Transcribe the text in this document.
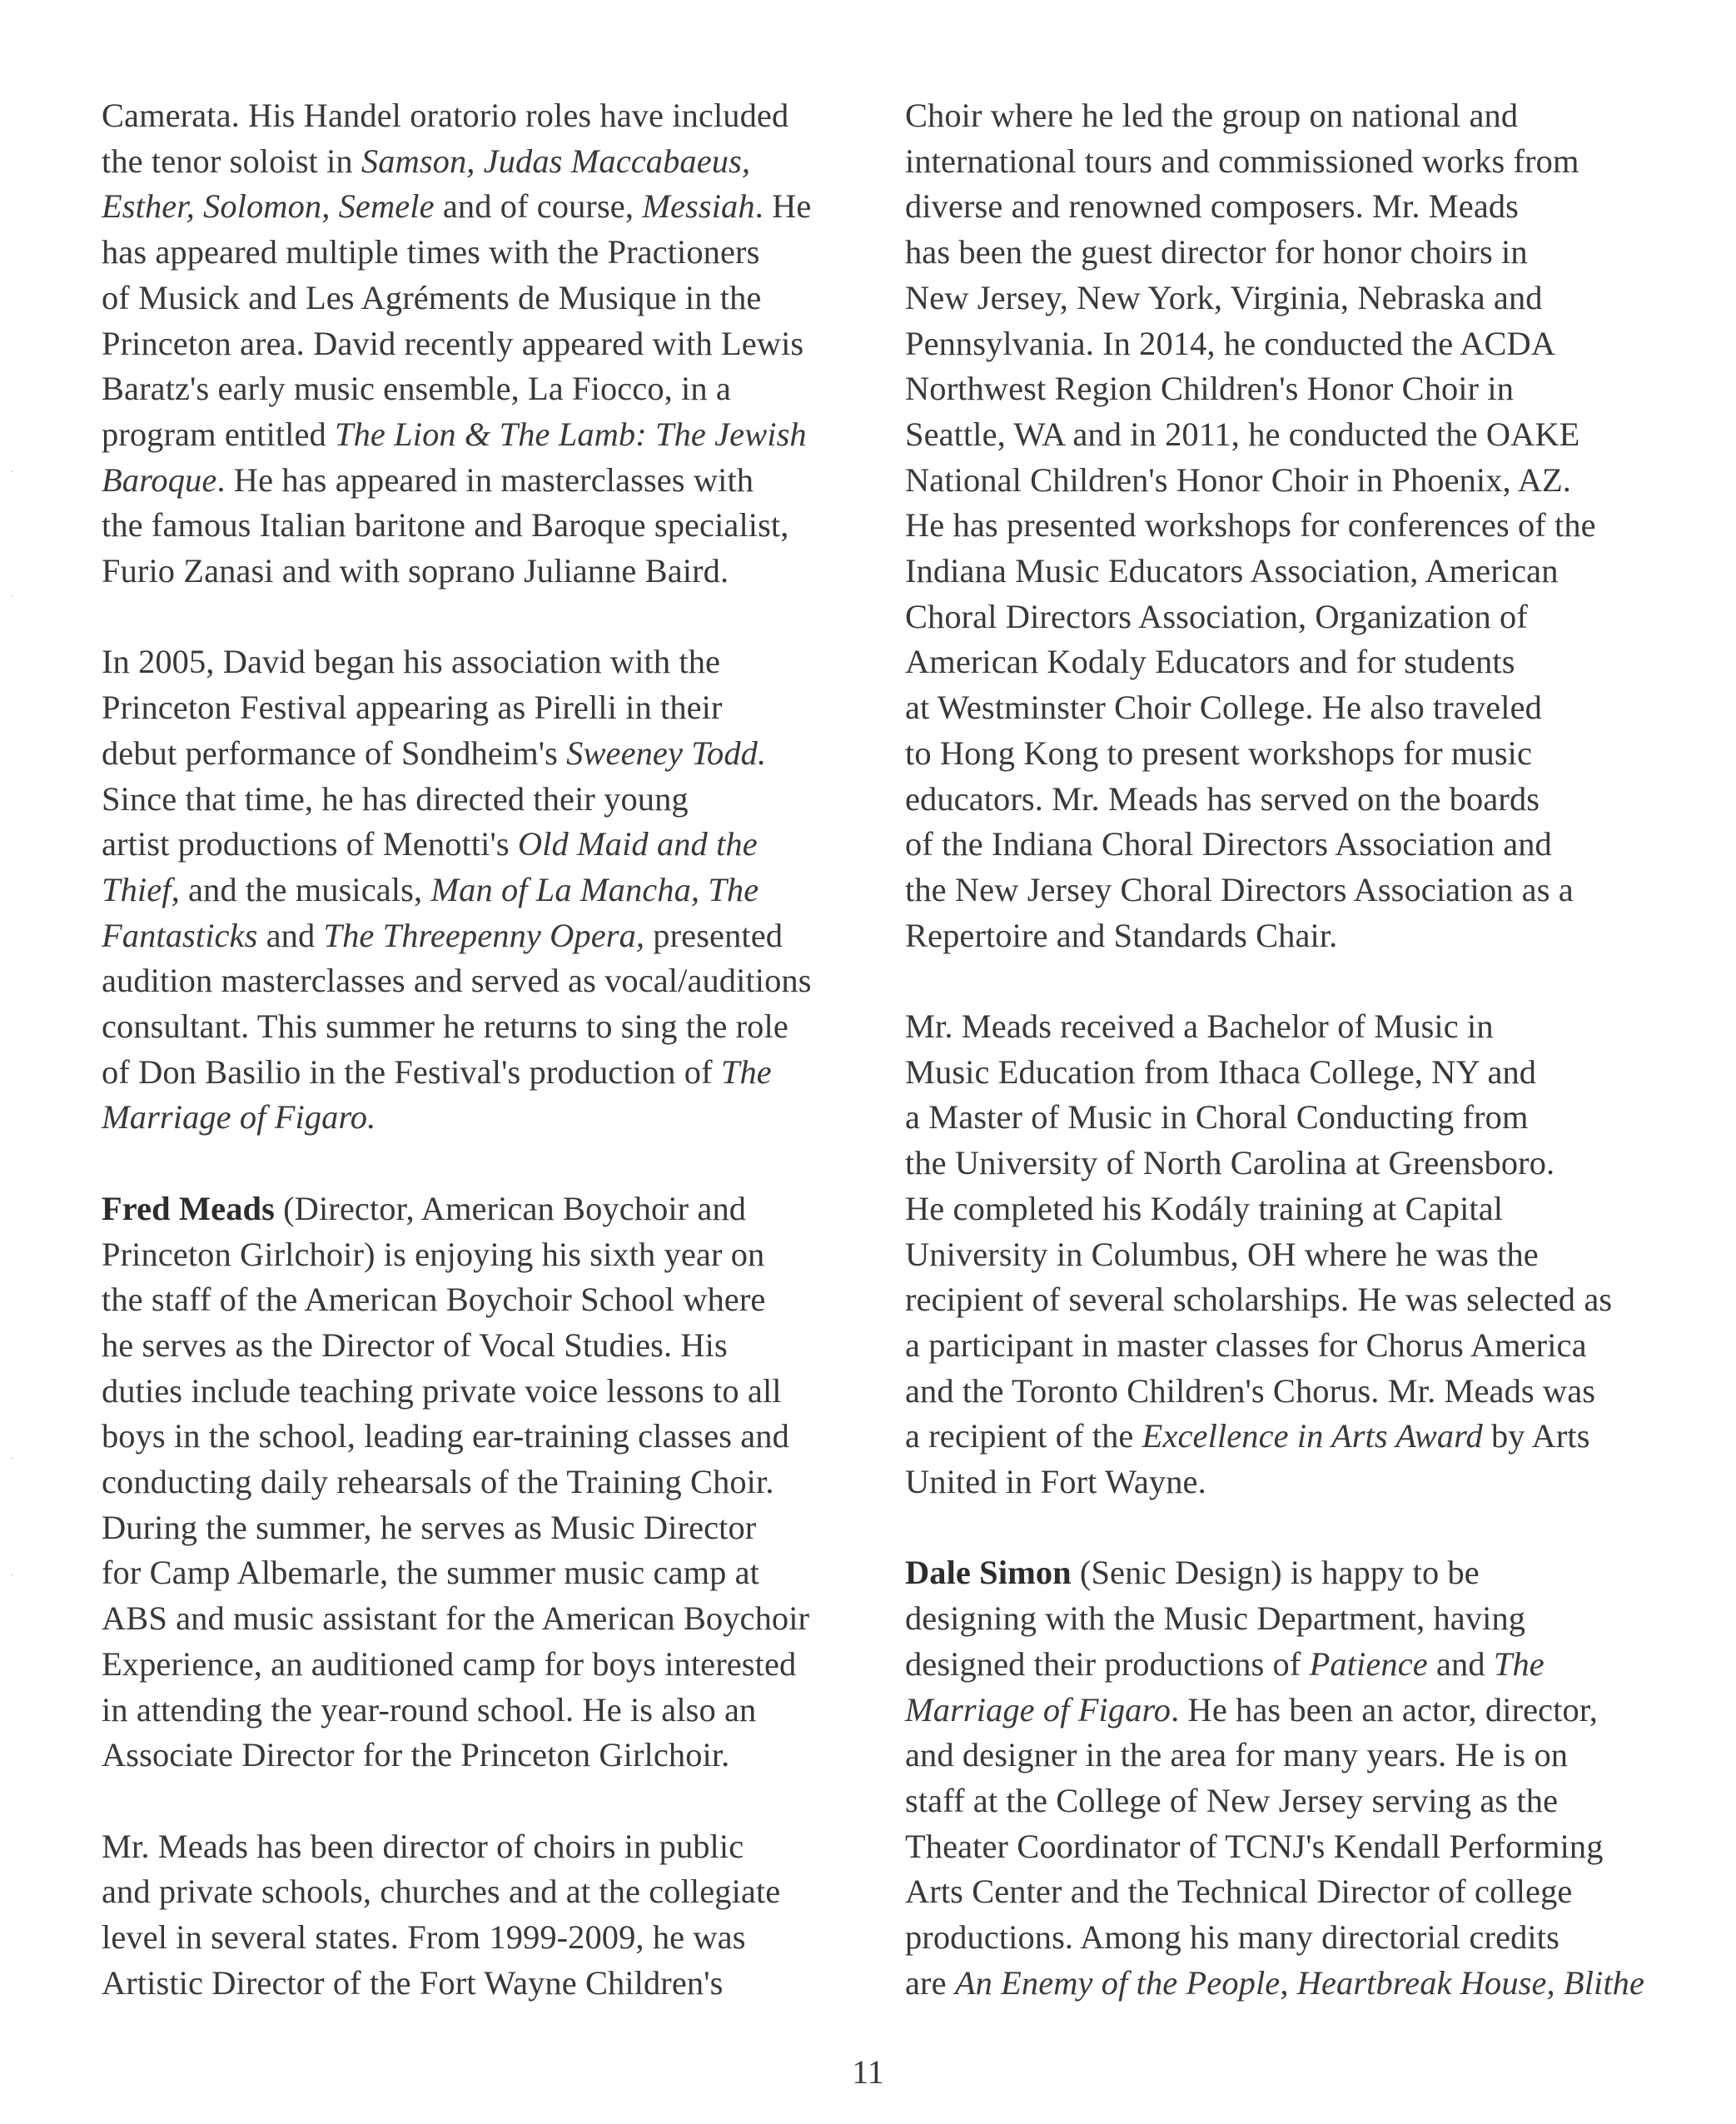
Camerata. His Handel oratorio roles have included
the tenor soloist in Samson, Judas Maccabaeus,
Esther, Solomon, Semele and of course, Messiah. He
has appeared multiple times with the Practioners
of Musick and Les Agréments de Musique in the
Princeton area. David recently appeared with Lewis
Baratz's early music ensemble, La Fiocco, in a
program entitled The Lion & The Lamb: The Jewish
Baroque. He has appeared in masterclasses with
the famous Italian baritone and Baroque specialist,
Furio Zanasi and with soprano Julianne Baird.

In 2005, David began his association with the
Princeton Festival appearing as Pirelli in their
debut performance of Sondheim's Sweeney Todd.
Since that time, he has directed their young
artist productions of Menotti's Old Maid and the
Thief, and the musicals, Man of La Mancha, The
Fantasticks and The Threepenny Opera, presented
audition masterclasses and served as vocal/auditions
consultant. This summer he returns to sing the role
of Don Basilio in the Festival's production of The
Marriage of Figaro.

Fred Meads (Director, American Boychoir and
Princeton Girlchoir) is enjoying his sixth year on
the staff of the American Boychoir School where
he serves as the Director of Vocal Studies. His
duties include teaching private voice lessons to all
boys in the school, leading ear-training classes and
conducting daily rehearsals of the Training Choir.
During the summer, he serves as Music Director
for Camp Albemarle, the summer music camp at
ABS and music assistant for the American Boychoir
Experience, an auditioned camp for boys interested
in attending the year-round school. He is also an
Associate Director for the Princeton Girlchoir.

Mr. Meads has been director of choirs in public
and private schools, churches and at the collegiate
level in several states. From 1999-2009, he was
Artistic Director of the Fort Wayne Children's

Choir where he led the group on national and
international tours and commissioned works from
diverse and renowned composers. Mr. Meads
has been the guest director for honor choirs in
New Jersey, New York, Virginia, Nebraska and
Pennsylvania. In 2014, he conducted the ACDA
Northwest Region Children's Honor Choir in
Seattle, WA and in 2011, he conducted the OAKE
National Children's Honor Choir in Phoenix, AZ.
He has presented workshops for conferences of the
Indiana Music Educators Association, American
Choral Directors Association, Organization of
American Kodaly Educators and for students
at Westminster Choir College. He also traveled
to Hong Kong to present workshops for music
educators. Mr. Meads has served on the boards
of the Indiana Choral Directors Association and
the New Jersey Choral Directors Association as a
Repertoire and Standards Chair.

Mr. Meads received a Bachelor of Music in
Music Education from Ithaca College, NY and
a Master of Music in Choral Conducting from
the University of North Carolina at Greensboro.
He completed his Kodály training at Capital
University in Columbus, OH where he was the
recipient of several scholarships. He was selected as
a participant in master classes for Chorus America
and the Toronto Children's Chorus. Mr. Meads was
a recipient of the Excellence in Arts Award by Arts
United in Fort Wayne.

Dale Simon (Senic Design) is happy to be
designing with the Music Department, having
designed their productions of Patience and The
Marriage of Figaro. He has been an actor, director,
and designer in the area for many years. He is on
staff at the College of New Jersey serving as the
Theater Coordinator of TCNJ's Kendall Performing
Arts Center and the Technical Director of college
productions. Among his many directorial credits
are An Enemy of the People, Heartbreak House, Blithe

11
·
·
·
·
